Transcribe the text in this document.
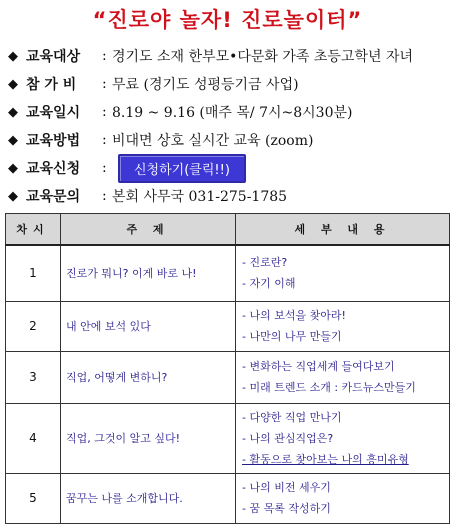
“진로야 놀자! 진로놀이터”
◆ 교육대상	: 경기도 소재 한부모•다문화 가족 초등고학년 자녀
◆ 참 가 비	: 무료 (경기도 성평등기금 사업)
◆ 교육일시	: 8.19 ~ 9.16 (매주 목/ 7시~8시30분)
◆ 교육방법	: 비대면 상호 실시간 교육 (zoom)
◆ 교육신청	:	신청하기(클릭!!)
◆ 교육문의	: 본회 사무국 031-275-1785
차시	주 제	세 부 내 용
1	진로가 뭐니? 이게 바로 나!	- 진로란?
- 자기 이해

2	내 안에 보석 있다	- 나의 보석을 찾아라!
- 나만의 나무 만들기

3	직업, 어떻게 변하니?	- 변화하는 직업세계 들여다보기
- 미래 트렌드 소개 : 카드뉴스만들기

4	직업, 그것이 알고 싶다!	- 다양한 직업 만나기
- 나의 관심직업은?
- 활동으로 찾아보는 나의 흥미유형

5	꿈꾸는 나를 소개합니다.	- 나의 비전 세우기
- 꿈 목록 작성하기
